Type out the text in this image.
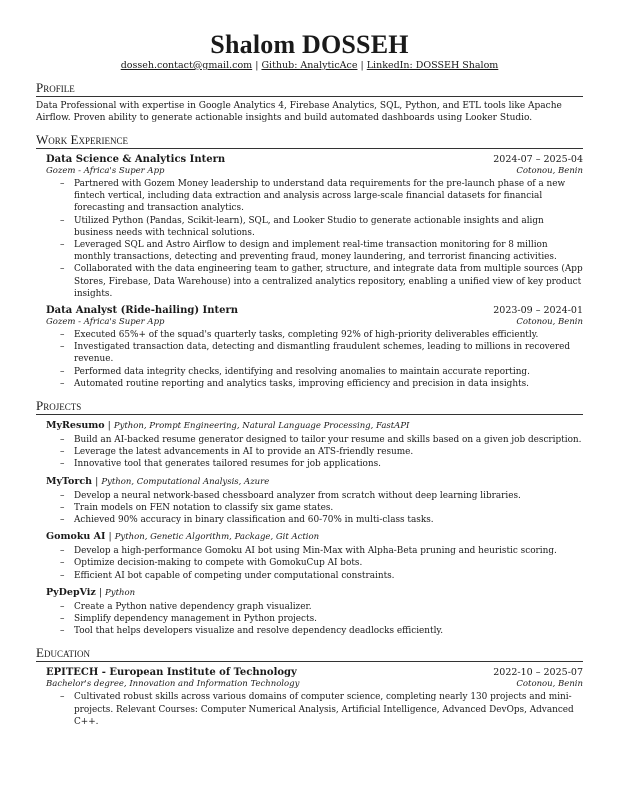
Shalom DOSSEH
dosseh.contact@gmail.com | Github: AnalyticAce | LinkedIn: DOSSEH Shalom
Profile

Data Professional with expertise in Google Analytics 4, Firebase Analytics, SQL, Python, and ETL tools like Apache Airflow. Proven ability to generate actionable insights and build automated dashboards using Looker Studio.

Work Experience
Data Science & Analytics Intern	2024-07 – 2025-04
Gozem - Africa's Super App	Cotonou, Benin
– Partnered with Gozem Money leadership to understand data requirements for the pre-launch phase of a new fintech vertical, including data extraction and analysis across large-scale financial datasets for financial forecasting and transaction analytics.
– Utilized Python (Pandas, Scikit-learn), SQL, and Looker Studio to generate actionable insights and align business needs with technical solutions.
– Leveraged SQL and Astro Airflow to design and implement real-time transaction monitoring for 8 million monthly transactions, detecting and preventing fraud, money laundering, and terrorist financing activities.
– Collaborated with the data engineering team to gather, structure, and integrate data from multiple sources (App Stores, Firebase, Data Warehouse) into a centralized analytics repository, enabling a unified view of key product insights.
Data Analyst (Ride-hailing) Intern	2023-09 – 2024-01
Gozem - Africa's Super App	Cotonou, Benin
– Executed 65%+ of the squad's quarterly tasks, completing 92% of high-priority deliverables efficiently.
– Investigated transaction data, detecting and dismantling fraudulent schemes, leading to millions in recovered revenue.
– Performed data integrity checks, identifying and resolving anomalies to maintain accurate reporting.
– Automated routine reporting and analytics tasks, improving efficiency and precision in data insights.
Projects
MyResumo | Python, Prompt Engineering, Natural Language Processing, FastAPI
– Build an AI-backed resume generator designed to tailor your resume and skills based on a given job description.
– Leverage the latest advancements in AI to provide an ATS-friendly resume.
– Innovative tool that generates tailored resumes for job applications.
MyTorch | Python, Computational Analysis, Azure
– Develop a neural network-based chessboard analyzer from scratch without deep learning libraries.
– Train models on FEN notation to classify six game states.
– Achieved 90% accuracy in binary classification and 60-70% in multi-class tasks.
Gomoku AI | Python, Genetic Algorithm, Package, Git Action
– Develop a high-performance Gomoku AI bot using Min-Max with Alpha-Beta pruning and heuristic scoring.
– Optimize decision-making to compete with GomokuCup AI bots.
– Efficient AI bot capable of competing under computational constraints.
PyDepViz | Python
– Create a Python native dependency graph visualizer.
– Simplify dependency management in Python projects.
– Tool that helps developers visualize and resolve dependency deadlocks efficiently.
Education
EPITECH - European Institute of Technology	2022-10 – 2025-07
Bachelor's degree, Innovation and Information Technology	Cotonou, Benin
– Cultivated robust skills across various domains of computer science, completing nearly 130 projects and mini-projects. Relevant Courses: Computer Numerical Analysis, Artificial Intelligence, Advanced DevOps, Advanced C++.
